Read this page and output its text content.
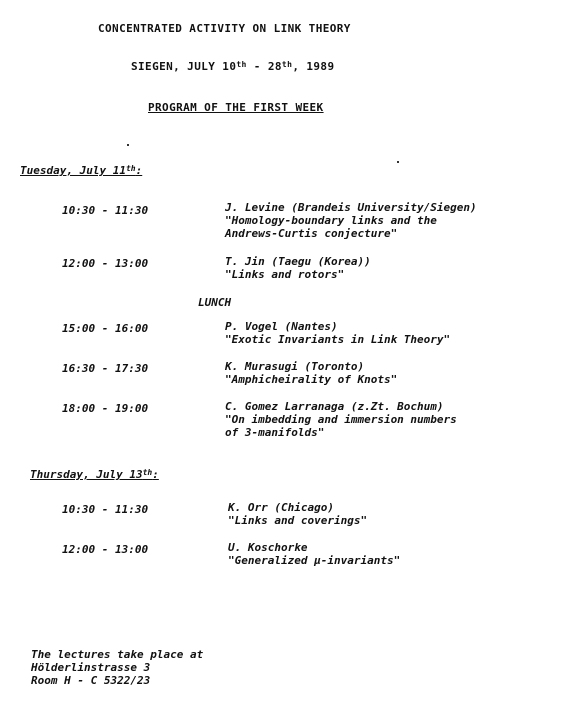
CONCENTRATED ACTIVITY ON LINK THEORY
SIEGEN, JULY 10th - 28th, 1989
PROGRAM OF THE FIRST WEEK
Tuesday, July 11th:
10:30 - 11:30	J. Levine (Brandeis University/Siegen)
"Homology-boundary links and the
Andrews-Curtis conjecture"
12:00 - 13:00	T. Jin (Taegu (Korea))
"Links and rotors"
LUNCH
15:00 - 16:00	P. Vogel (Nantes)
"Exotic Invariants in Link Theory"
16:30 - 17:30	K. Murasugi (Toronto)
"Amphicheirality of Knots"
18:00 - 19:00	C. Gomez Larranaga (z.Zt. Bochum)
"On imbedding and immersion numbers
of 3-manifolds"
Thursday, July 13th:
10:30 - 11:30	K. Orr (Chicago)
"Links and coverings"
12:00 - 13:00	U. Koschorke
"Generalized μ-invariants"
The lectures take place at
Hölderlinstrasse 3
Room H - C 5322/23
